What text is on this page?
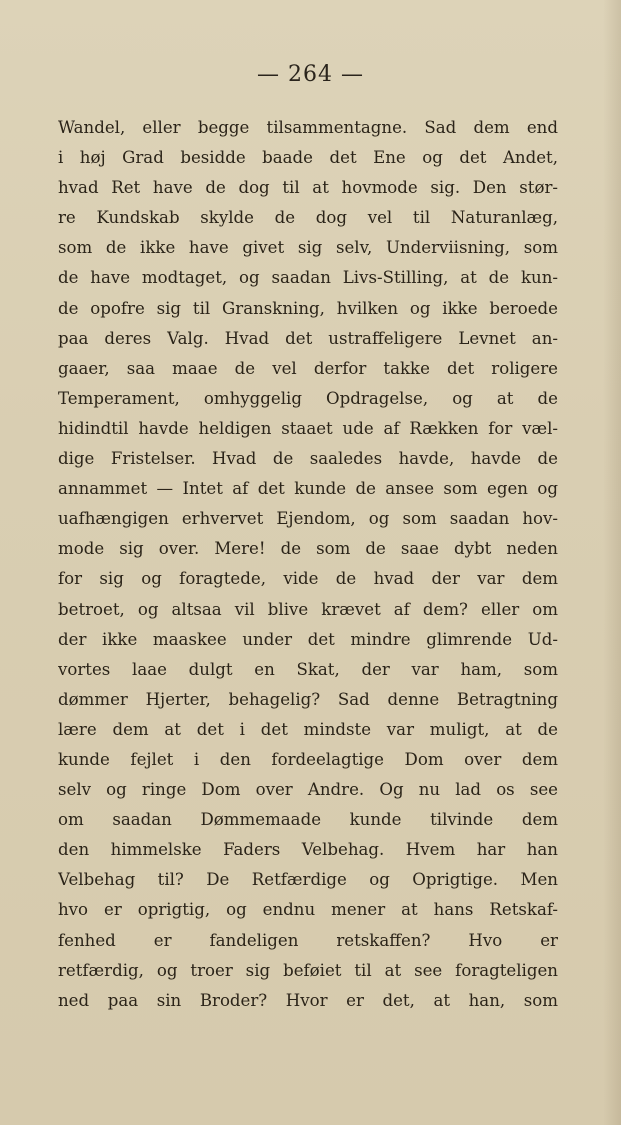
— 264 —
Wandel, eller begge tilsammentagne. Sad dem end
i høj Grad besidde baade det Ene og det Andet,
hvad Ret have de dog til at hovmode sig. Den stør-
re Kundskab skylde de dog vel til Naturanlæg,
som de ikke have givet sig selv, Underviisning, som
de have modtaget, og saadan Livs-Stilling, at de kun-
de opofre sig til Granskning, hvilken og ikke beroede
paa deres Valg. Hvad det ustraffeligere Levnet an-
gaaer, saa maae de vel derfor takke det roligere
Temperament, omhyggelig Opdragelse, og at de
hidindtil havde heldigen staaet ude af Rækken for væl-
dige Fristelser. Hvad de saaledes havde, havde de
annammet — Intet af det kunde de ansee som egen og
uafhængigen erhvervet Ejendom, og som saadan hov-
mode sig over. Mere! de som de saae dybt neden
for sig og foragtede, vide de hvad der var dem
betroet, og altsaa vil blive krævet af dem? eller om
der ikke maaskee under det mindre glimrende Ud-
vortes laae dulgt en Skat, der var ham, som
dømmer Hjerter, behagelig? Sad denne Betragtning
lære dem at det i det mindste var muligt, at de
kunde fejlet i den fordeelagtige Dom over dem
selv og ringe Dom over Andre. Og nu lad os see
om saadan Dømmemaade kunde tilvinde dem
den himmelske Faders Velbehag. Hvem har han
Velbehag til? De Retfærdige og Oprigtige. Men
hvo er oprigtig, og endnu mener at hans Retskaf-
fenhed er fandeligen retskaffen? Hvo er
retfærdig, og troer sig beføiet til at see foragteligen
ned paa sin Broder? Hvor er det, at han, som
